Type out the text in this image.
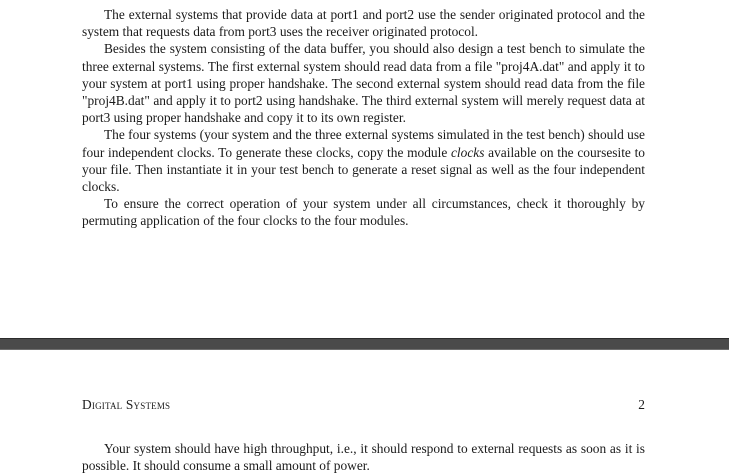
The external systems that provide data at port1 and port2 use the sender originated protocol and the system that requests data from port3 uses the receiver originated protocol.

Besides the system consisting of the data buffer, you should also design a test bench to simulate the three external systems. The first external system should read data from a file "proj4A.dat" and apply it to your system at port1 using proper handshake. The second external system should read data from the file "proj4B.dat" and apply it to port2 using handshake. The third external system will merely request data at port3 using proper handshake and copy it to its own register.

The four systems (your system and the three external systems simulated in the test bench) should use four independent clocks. To generate these clocks, copy the module clocks available on the coursesite to your file. Then instantiate it in your test bench to generate a reset signal as well as the four independent clocks.

To ensure the correct operation of your system under all circumstances, check it thoroughly by permuting application of the four clocks to the four modules.

Digital Systems	2

Your system should have high throughput, i.e., it should respond to external requests as soon as it is possible. It should consume a small amount of power.
